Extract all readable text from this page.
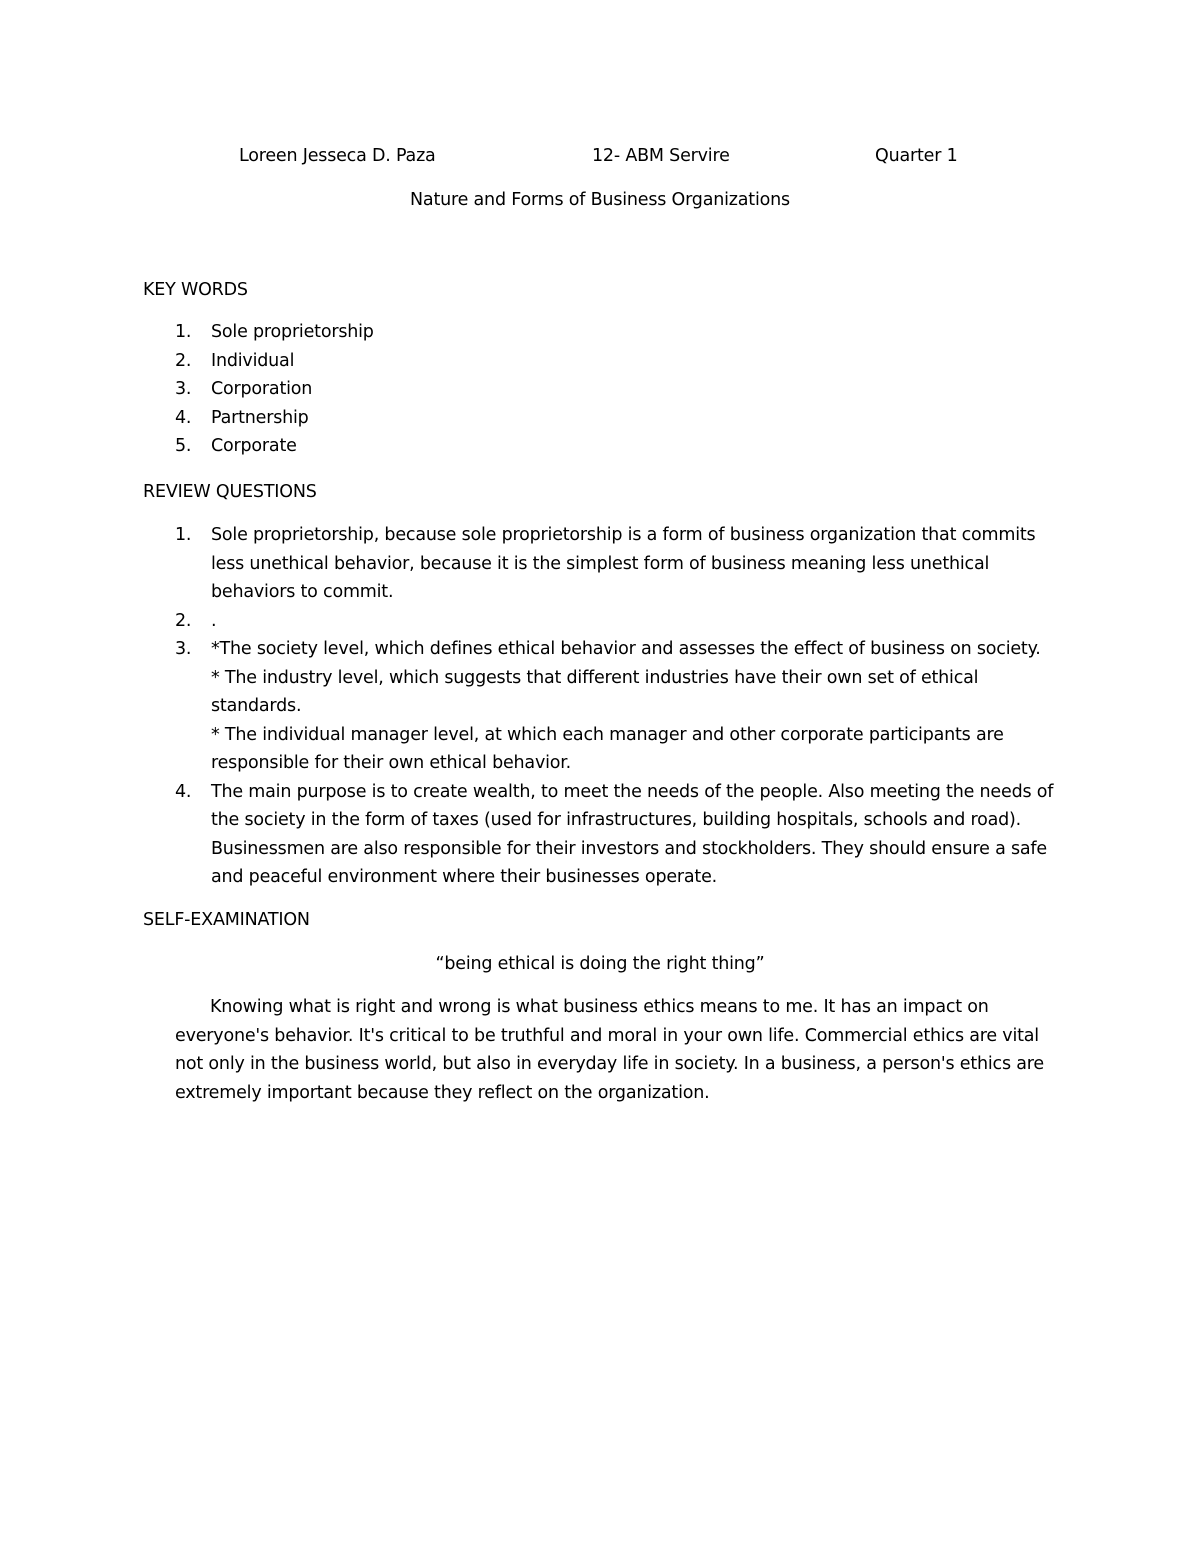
Loreen Jesseca D. Paza	12- ABM Servire	Quarter 1
Nature and Forms of Business Organizations
KEY WORDS
1. Sole proprietorship
2. Individual
3. Corporation
4. Partnership
5. Corporate
REVIEW QUESTIONS
1. Sole proprietorship, because sole proprietorship is a form of business organization that commits less unethical behavior, because it is the simplest form of business meaning less unethical behaviors to commit.
2. .
3. *The society level, which defines ethical behavior and assesses the effect of business on society.
* The industry level, which suggests that different industries have their own set of ethical standards.
* The individual manager level, at which each manager and other corporate participants are responsible for their own ethical behavior.
4. The main purpose is to create wealth, to meet the needs of the people. Also meeting the needs of the society in the form of taxes (used for infrastructures, building hospitals, schools and road). Businessmen are also responsible for their investors and stockholders. They should ensure a safe and peaceful environment where their businesses operate.
SELF-EXAMINATION
“being ethical is doing the right thing”

Knowing what is right and wrong is what business ethics means to me. It has an impact on everyone's behavior. It's critical to be truthful and moral in your own life. Commercial ethics are vital not only in the business world, but also in everyday life in society. In a business, a person's ethics are extremely important because they reflect on the organization.
